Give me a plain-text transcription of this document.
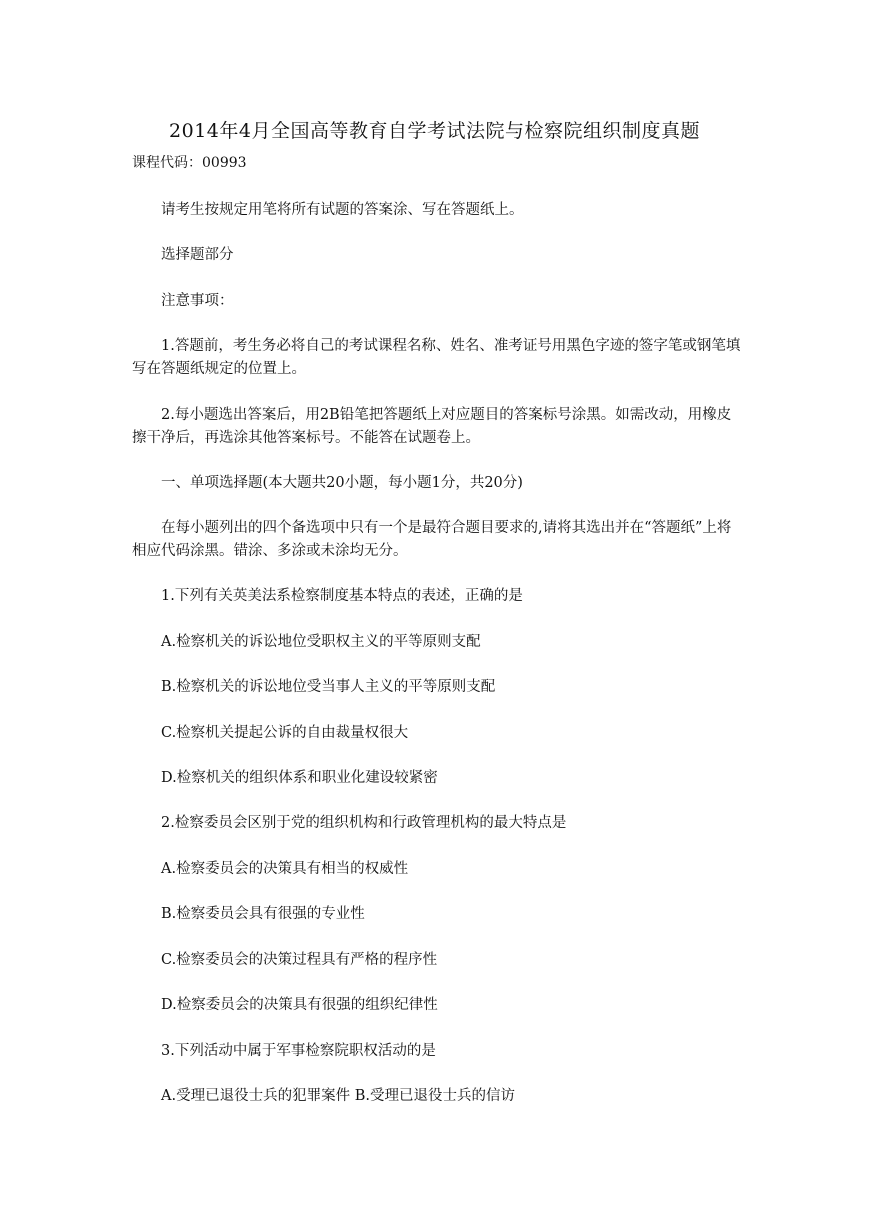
2014年4月全国高等教育自学考试法院与检察院组织制度真题
课程代码：00993

请考生按规定用笔将所有试题的答案涂、写在答题纸上。

选择题部分

注意事项：

1.答题前，考生务必将自己的考试课程名称、姓名、准考证号用黑色字迹的签字笔或钢笔填写在答题纸规定的位置上。

2.每小题选出答案后，用2B铅笔把答题纸上对应题目的答案标号涂黑。如需改动，用橡皮擦干净后，再选涂其他答案标号。不能答在试题卷上。

一、单项选择题(本大题共20小题，每小题1分，共20分)

在每小题列出的四个备选项中只有一个是最符合题目要求的,请将其选出并在“答题纸”上将相应代码涂黑。错涂、多涂或未涂均无分。

1.下列有关英美法系检察制度基本特点的表述，正确的是

A.检察机关的诉讼地位受职权主义的平等原则支配

B.检察机关的诉讼地位受当事人主义的平等原则支配

C.检察机关提起公诉的自由裁量权很大

D.检察机关的组织体系和职业化建设较紧密

2.检察委员会区别于党的组织机构和行政管理机构的最大特点是

A.检察委员会的决策具有相当的权威性

B.检察委员会具有很强的专业性

C.检察委员会的决策过程具有严格的程序性

D.检察委员会的决策具有很强的组织纪律性

3.下列活动中属于军事检察院职权活动的是

A.受理已退役士兵的犯罪案件 B.受理已退役士兵的信访
